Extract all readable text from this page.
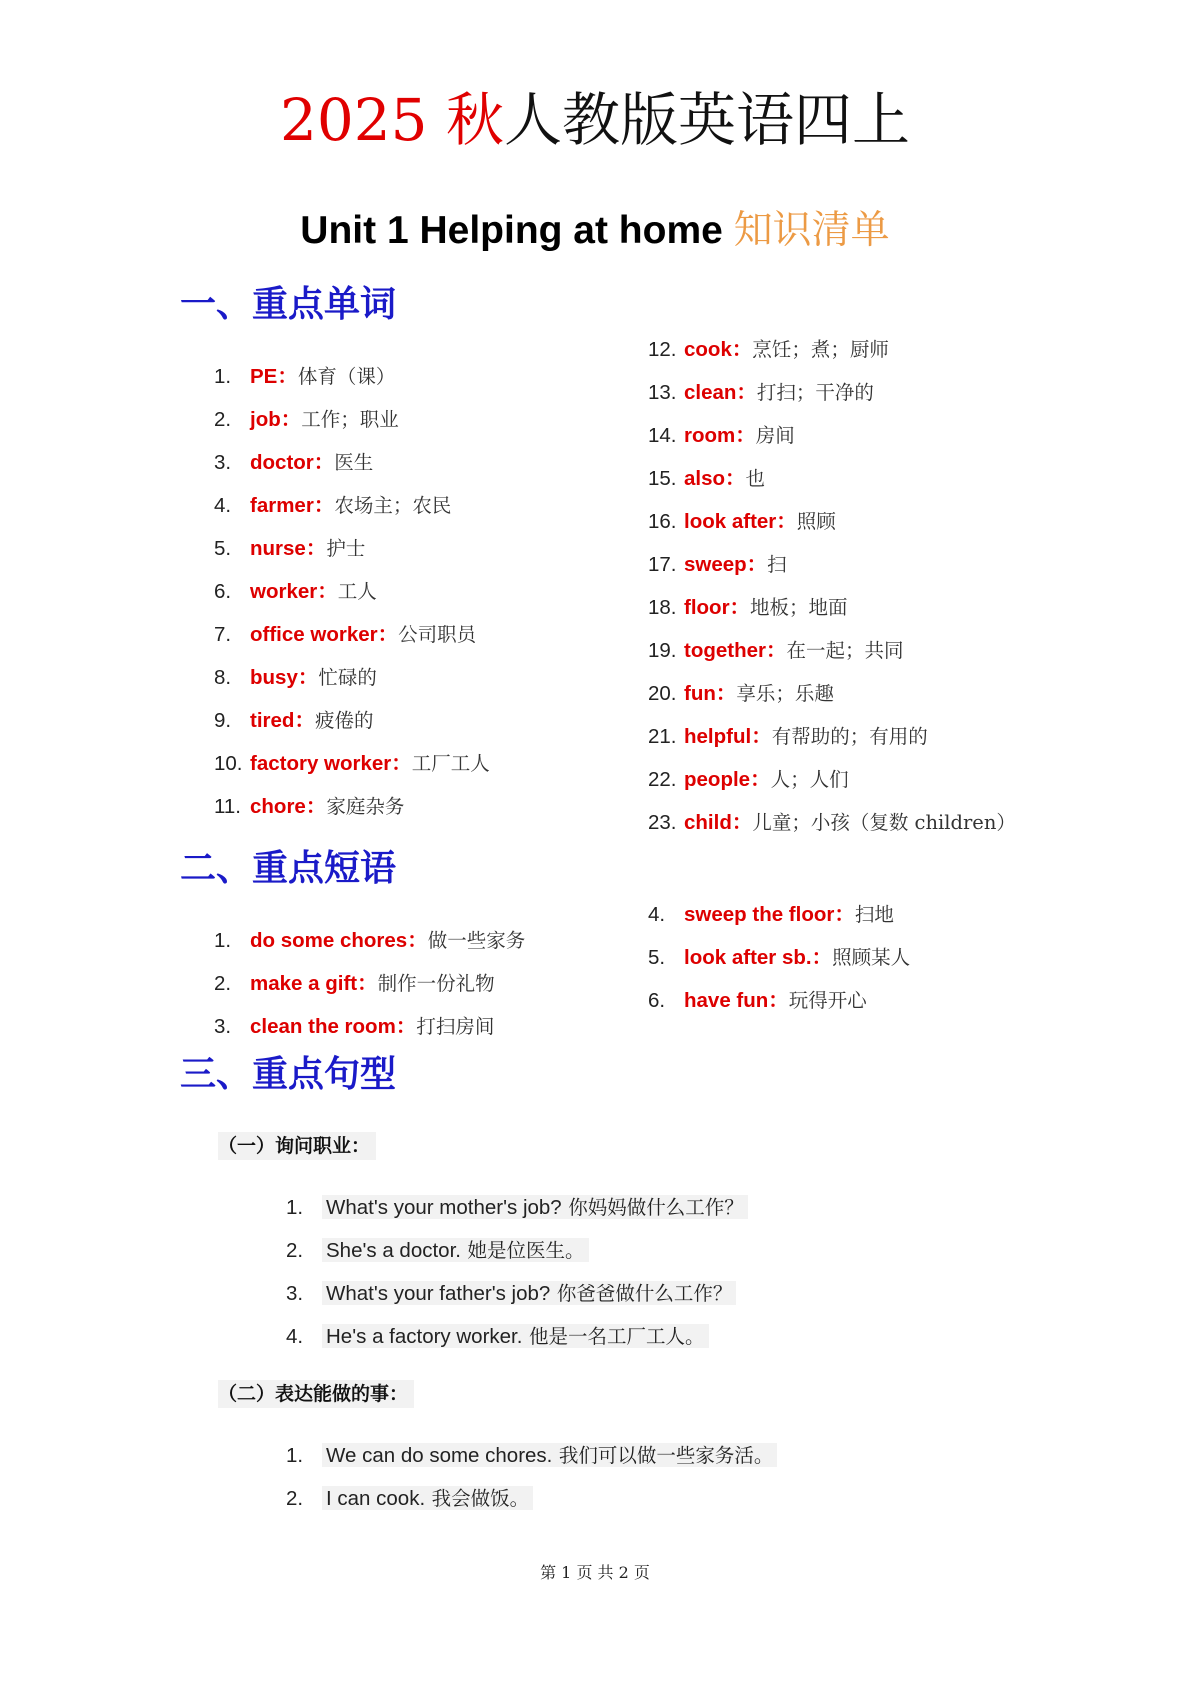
2025 秋人教版英语四上
Unit 1 Helping at home 知识清单
一、重点单词
二、重点短语
三、重点句型
1. PE：体育（课）
2. job：工作；职业
3. doctor：医生
4. farmer：农场主；农民
5. nurse：护士
6. worker：工人
7. office worker：公司职员
8. busy：忙碌的
9. tired：疲倦的
10. factory worker：工厂工人
11. chore：家庭杂务
12. cook：烹饪；煮；厨师
13. clean：打扫；干净的
14. room：房间
15. also：也
16. look after：照顾
17. sweep：扫
18. floor：地板；地面
19. together：在一起；共同
20. fun：享乐；乐趣
21. helpful：有帮助的；有用的
22. people：人；人们
23. child：儿童；小孩（复数 children）
1. do some chores：做一些家务
2. make a gift：制作一份礼物
3. clean the room：打扫房间
4. sweep the floor：扫地
5. look after sb.：照顾某人
6. have fun：玩得开心
（一）询问职业：
1. What's your mother's job? 你妈妈做什么工作？
2. She's a doctor. 她是位医生。
3. What's your father's job? 你爸爸做什么工作？
4. He's a factory worker. 他是一名工厂工人。
（二）表达能做的事：
1. We can do some chores. 我们可以做一些家务活。
2. I can cook. 我会做饭。
第 1 页 共 2 页
